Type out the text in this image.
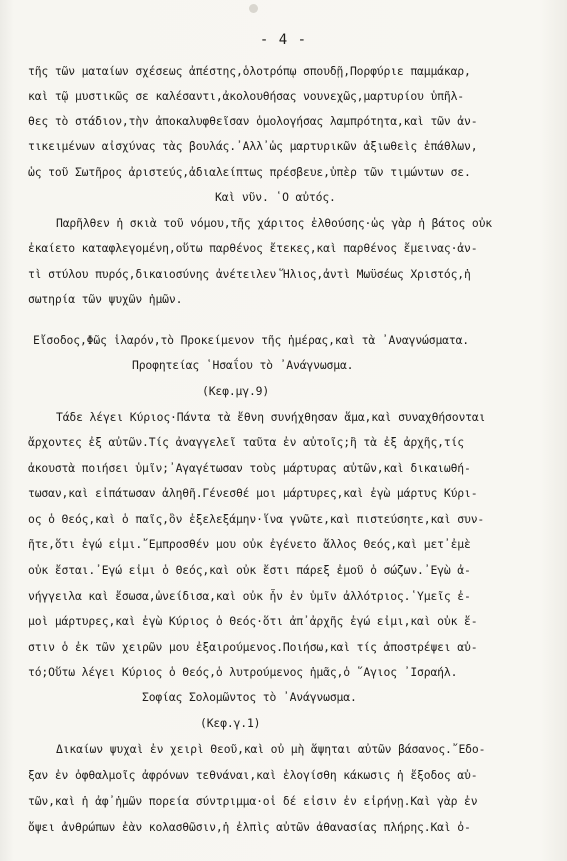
- 4 -
τῆς τῶν ματαίων σχέσεως ἀπέστης,ὁλοτρόπῳ σπουδῇ,Πορφύριε παμμάκαρ,
καὶ τῷ μυστικῶς σε καλέσαντι,ἀκολουθήσας νουνεχῶς,μαρτυρίου ὑπῆλ-
θες τὸ στάδιον,τὴν ἀποκαλυφθεῖσαν ὁμολογήσας λαμπρότητα,καὶ τῶν ἀν-
τικειμένων αἰσχύνας τὰς βουλάς.᾿Αλλ᾿ὡς μαρτυρικῶν ἀξιωθεὶς ἐπάθλων,
ὡς τοῦ Σωτῆρος ἀριστεύς,ἀδιαλείπτως πρέσβευε,ὑπὲρ τῶν τιμώντων σε.
Καὶ νῦν. ῾Ο αὐτός.
Παρῆλθεν ἡ σκιὰ τοῦ νόμου,τῆς χάριτος ἐλθούσης·ὡς γὰρ ἡ βάτος οὐκ
ἐκαίετο καταφλεγομένη,οὕτω παρθένος ἔτεκες,καὶ παρθένος ἔμεινας·ἀν-
τὶ στύλου πυρός,δικαιοσύνης ἀνέτειλεν Ἥλιος,ἀντὶ Μωϋσέως Χριστός,ἡ
σωτηρία τῶν ψυχῶν ἡμῶν.
Εἴσοδος,Φῶς ἱλαρόν,τὸ Προκείμενον τῆς ἡμέρας,καὶ τὰ ᾿Αναγνώσματα.
Προφητείας ῾Ησαΐου τὸ ᾿Ανάγνωσμα.
(Κεφ.μγ.9)
Τάδε λέγει Κύριος·Πάντα τὰ ἔθνη συνήχθησαν ἅμα,καὶ συναχθήσονται
ἄρχοντες ἐξ αὐτῶν.Τίς ἀναγγελεῖ ταῦτα ἐν αὐτοῖς;ἢ τὰ ἐξ ἀρχῆς,τίς
ἀκουστὰ ποιήσει ὑμῖν;᾿Αγαγέτωσαν τοὺς μάρτυρας αὐτῶν,καὶ δικαιωθή-
τωσαν,καὶ εἰπάτωσαν ἀληθῆ.Γένεσθέ μοι μάρτυρες,καὶ ἐγὼ μάρτυς Κύρι-
ος ὁ Θεός,καὶ ὁ παῖς,ὃν ἐξελεξάμην·ἵνα γνῶτε,καὶ πιστεύσητε,καὶ συν-
ῆτε,ὅτι ἐγώ εἰμι.῎Εμπροσθέν μου οὐκ ἐγένετο ἄλλος Θεός,καὶ μετ᾿ἐμὲ
οὐκ ἔσται.᾿Εγώ εἰμι ὁ Θεός,καὶ οὐκ ἔστι πάρεξ ἐμοῦ ὁ σώζων.᾿Εγὼ ἀ-
νήγγειλα καὶ ἔσωσα,ὠνείδισα,καὶ οὐκ ἦν ἐν ὑμῖν ἀλλότριος.῾Υμεῖς ἐ-
μοὶ μάρτυρες,καὶ ἐγὼ Κύριος ὁ Θεός·ὅτι ἀπ᾿ἀρχῆς ἐγώ εἰμι,καὶ οὐκ ἔ-
στιν ὁ ἐκ τῶν χειρῶν μου ἐξαιρούμενος.Ποιήσω,καὶ τίς ἀποστρέψει αὐ-
τό;Οὕτω λέγει Κύριος ὁ Θεός,ὁ λυτρούμενος ἡμᾶς,ὁ ῞Αγιος ᾿Ισραήλ.
Σοφίας Σολομῶντος τὸ ᾿Ανάγνωσμα.
(Κεφ.γ.1)
Δικαίων ψυχαὶ ἐν χειρὶ Θεοῦ,καὶ οὐ μὴ ἅψηται αὐτῶν βάσανος.῎Εδο-
ξαν ἐν ὀφθαλμοῖς ἀφρόνων τεθνάναι,καὶ ἐλογίσθη κάκωσις ἡ ἔξοδος αὐ-
τῶν,καὶ ἡ ἀφ᾿ἡμῶν πορεία σύντριμμα·οἱ δέ εἰσιν ἐν εἰρήνῃ.Καὶ γὰρ ἐν
ὄψει ἀνθρώπων ἐὰν κολασθῶσιν,ἡ ἐλπὶς αὐτῶν ἀθανασίας πλήρης.Καὶ ὀ-
